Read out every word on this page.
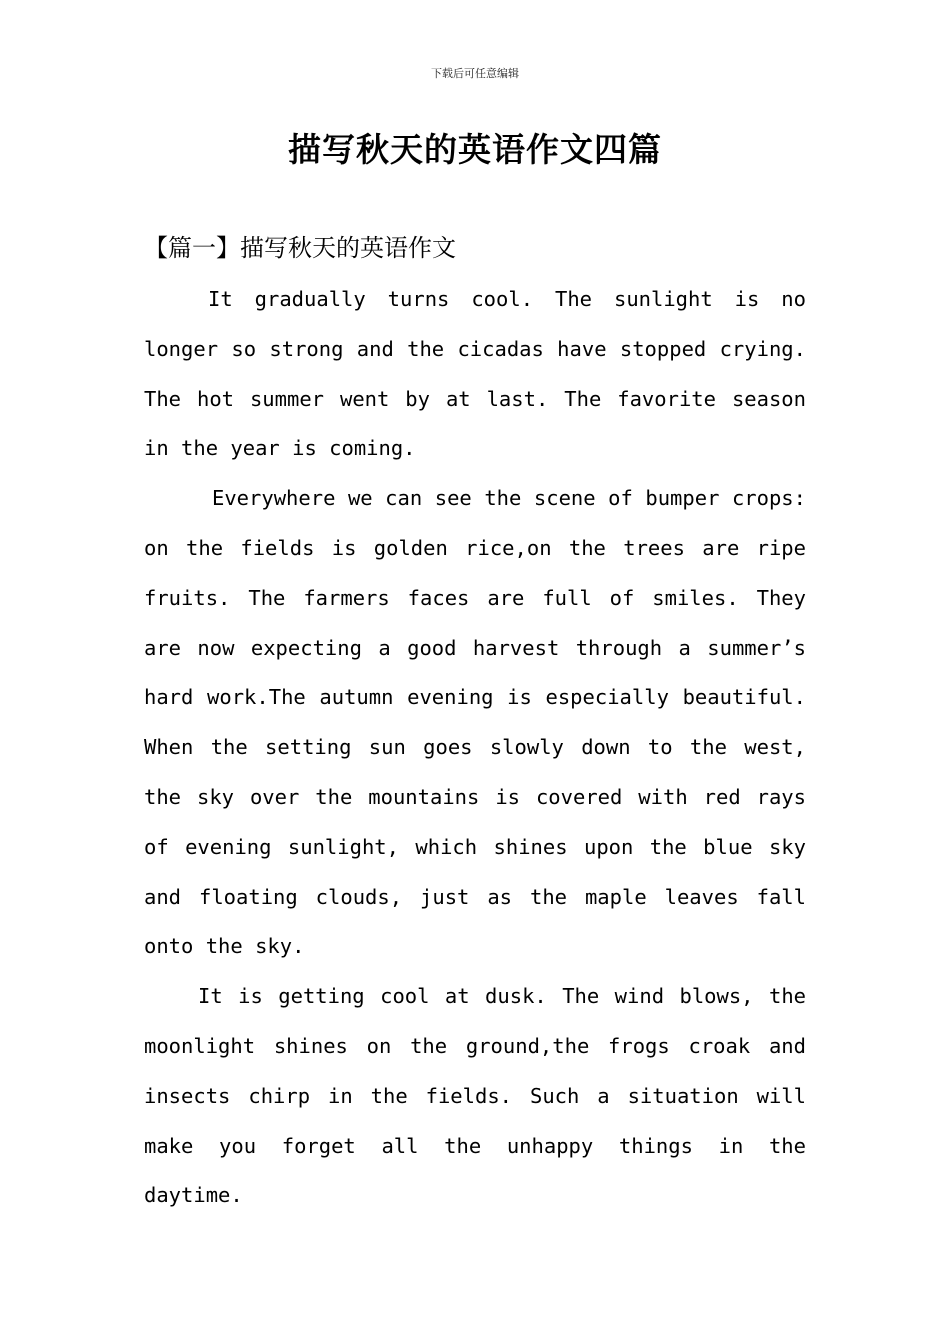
下载后可任意编辑
描写秋天的英语作文四篇
【篇一】描写秋天的英语作文

It gradually turns cool. The sunlight is no longer so strong and the cicadas have stopped crying. The hot summer went by at last. The favorite season in the year is coming.

Everywhere we can see the scene of bumper crops: on the fields is golden rice,on the trees are ripe fruits. The farmers faces are full of smiles. They are now expecting a good harvest through a summer’s hard work.The autumn evening is especially beautiful. When the setting sun goes slowly down to the west, the sky over the mountains is covered with red rays of evening sunlight, which shines upon the blue sky and floating clouds, just as the maple leaves fall onto the sky.

It is getting cool at dusk. The wind blows, the moonlight shines on the ground,the frogs croak and insects chirp in the fields. Such a situation will make you forget all the unhappy things in the daytime.
